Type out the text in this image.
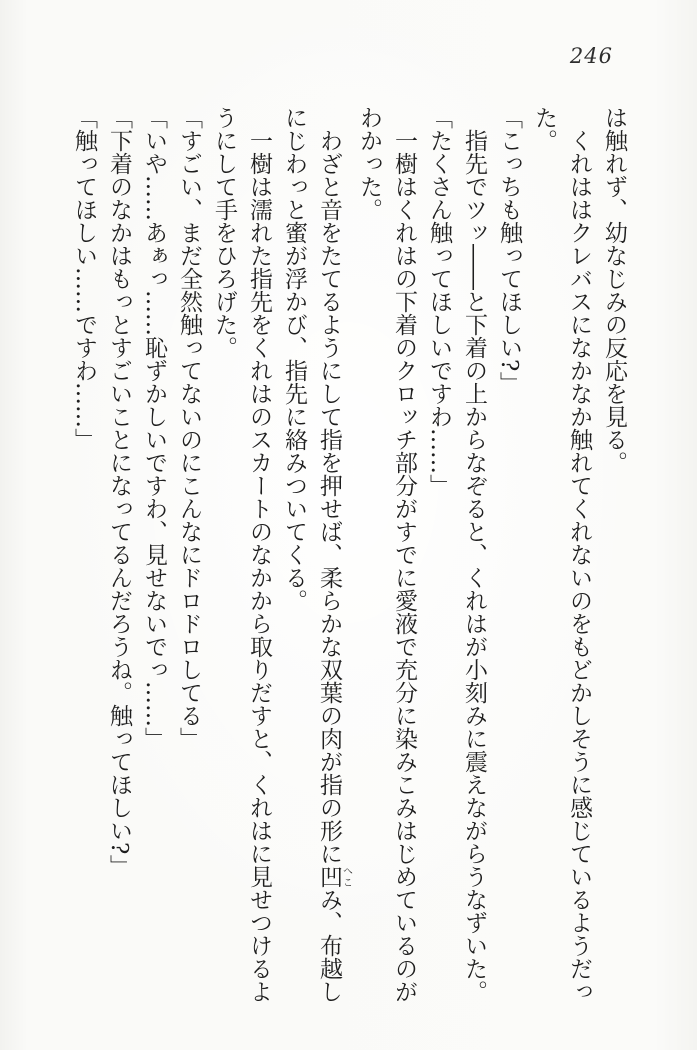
246

は触れず、幼なじみの反応を見る。

くれははクレバスになかなか触れてくれないのをもどかしそうに感じているようだった。

「こっちも触ってほしい?」

指先でツッ――と下着の上からなぞると、くれはが小刻みに震えながらうなずいた。

「たくさん触ってほしいですわ……」

一樹はくれはの下着のクロッチ部分がすでに愛液で充分に染みこみはじめているのがわかった。

わざと音をたてるようにして指を押せば、柔らかな双葉の肉が指の形に凹へこみ、布越しにじわっと蜜が浮かび、指先に絡みついてくる。

一樹は濡れた指先をくれはのスカートのなかから取りだすと、くれはに見せつけるようにして手をひろげた。

「すごい、まだ全然触ってないのにこんなにドロドロしてる」

「いや……あぁっ……恥ずかしいですわ、見せないでっ……」

「下着のなかはもっとすごいことになってるんだろうね。触ってほしい?」

「触ってほしい……ですわ……」
